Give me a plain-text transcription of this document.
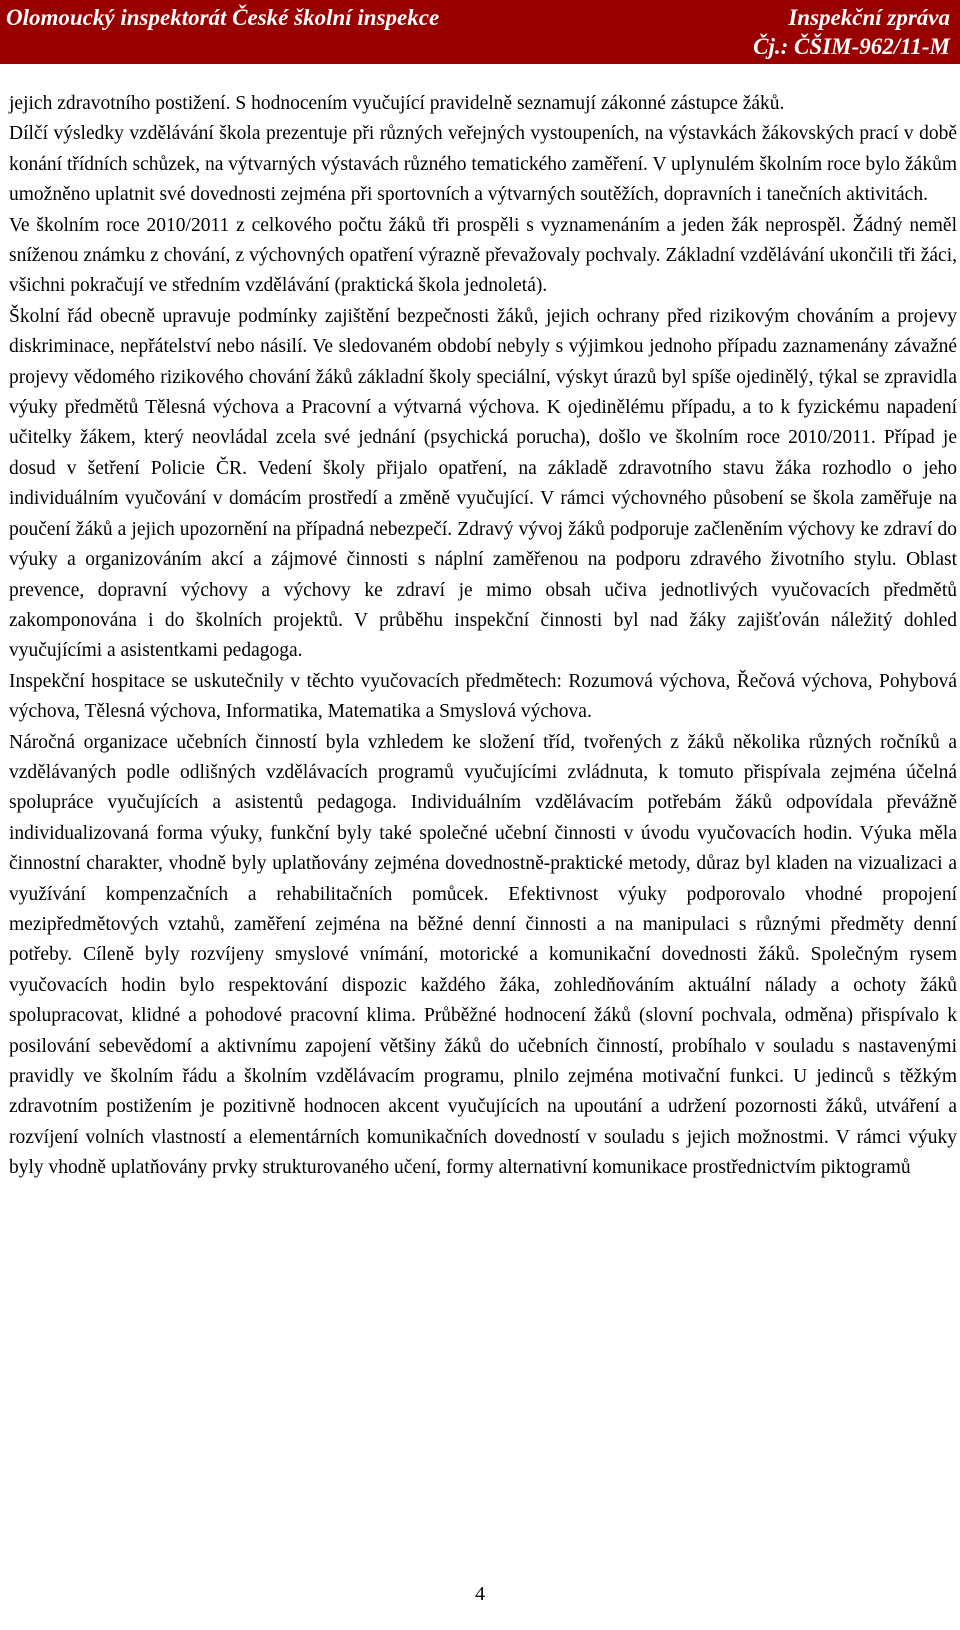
Olomoucký inspektorát České školní inspekce	Inspekční zpráva
Čj.: ČŠIM-962/11-M

jejich zdravotního postižení. S hodnocením vyučující pravidelně seznamují zákonné zástupce žáků.

Dílčí výsledky vzdělávání škola prezentuje při různých veřejných vystoupeních, na výstavkách žákovských prací v době konání třídních schůzek, na výtvarných výstavách různého tematického zaměření. V uplynulém školním roce bylo žákům umožněno uplatnit své dovednosti zejména při sportovních a výtvarných soutěžích, dopravních i tanečních aktivitách.

Ve školním roce 2010/2011 z celkového počtu žáků tři prospěli s vyznamenáním a jeden žák neprospěl. Žádný neměl sníženou známku z chování, z výchovných opatření výrazně převažovaly pochvaly. Základní vzdělávání ukončili tři žáci, všichni pokračují ve středním vzdělávání (praktická škola jednoletá).

Školní řád obecně upravuje podmínky zajištění bezpečnosti žáků, jejich ochrany před rizikovým chováním a projevy diskriminace, nepřátelství nebo násilí. Ve sledovaném období nebyly s výjimkou jednoho případu zaznamenány závažné projevy vědomého rizikového chování žáků základní školy speciální, výskyt úrazů byl spíše ojedinělý, týkal se zpravidla výuky předmětů Tělesná výchova a Pracovní a výtvarná výchova. K ojedinělému případu, a to k fyzickému napadení učitelky žákem, který neovládal zcela své jednání (psychická porucha), došlo ve školním roce 2010/2011. Případ je dosud v šetření Policie ČR. Vedení školy přijalo opatření, na základě zdravotního stavu žáka rozhodlo o jeho individuálním vyučování v domácím prostředí a změně vyučující. V rámci výchovného působení se škola zaměřuje na poučení žáků a jejich upozornění na případná nebezpečí. Zdravý vývoj žáků podporuje začleněním výchovy ke zdraví do výuky a organizováním akcí a zájmové činnosti s náplní zaměřenou na podporu zdravého životního stylu. Oblast prevence, dopravní výchovy a výchovy ke zdraví je mimo obsah učiva jednotlivých vyučovacích předmětů zakomponována i do školních projektů. V průběhu inspekční činnosti byl nad žáky zajišťován náležitý dohled vyučujícími a asistentkami pedagoga.

Inspekční hospitace se uskutečnily v těchto vyučovacích předmětech: Rozumová výchova, Řečová výchova, Pohybová výchova, Tělesná výchova, Informatika, Matematika a Smyslová výchova.

Náročná organizace učebních činností byla vzhledem ke složení tříd, tvořených z žáků několika různých ročníků a vzdělávaných podle odlišných vzdělávacích programů vyučujícími zvládnuta, k tomuto přispívala zejména účelná spolupráce vyučujících a asistentů pedagoga. Individuálním vzdělávacím potřebám žáků odpovídala převážně individualizovaná forma výuky, funkční byly také společné učební činnosti v úvodu vyučovacích hodin. Výuka měla činnostní charakter, vhodně byly uplatňovány zejména dovednostně-praktické metody, důraz byl kladen na vizualizaci a využívání kompenzačních a rehabilitačních pomůcek. Efektivnost výuky podporovalo vhodné propojení mezipředmětových vztahů, zaměření zejména na běžné denní činnosti a na manipulaci s různými předměty denní potřeby. Cíleně byly rozvíjeny smyslové vnímání, motorické a komunikační dovednosti žáků. Společným rysem vyučovacích hodin bylo respektování dispozic každého žáka, zohledňováním aktuální nálady a ochoty žáků spolupracovat, klidné a pohodové pracovní klima. Průběžné hodnocení žáků (slovní pochvala, odměna) přispívalo k posilování sebevědomí a aktivnímu zapojení většiny žáků do učebních činností, probíhalo v souladu s nastavenými pravidly ve školním řádu a školním vzdělávacím programu, plnilo zejména motivační funkci. U jedinců s těžkým zdravotním postižením je pozitivně hodnocen akcent vyučujících na upoutání a udržení pozornosti žáků, utváření a rozvíjení volních vlastností a elementárních komunikačních dovedností v souladu s jejich možnostmi. V rámci výuky byly vhodně uplatňovány prvky strukturovaného učení, formy alternativní komunikace prostřednictvím piktogramů

4
